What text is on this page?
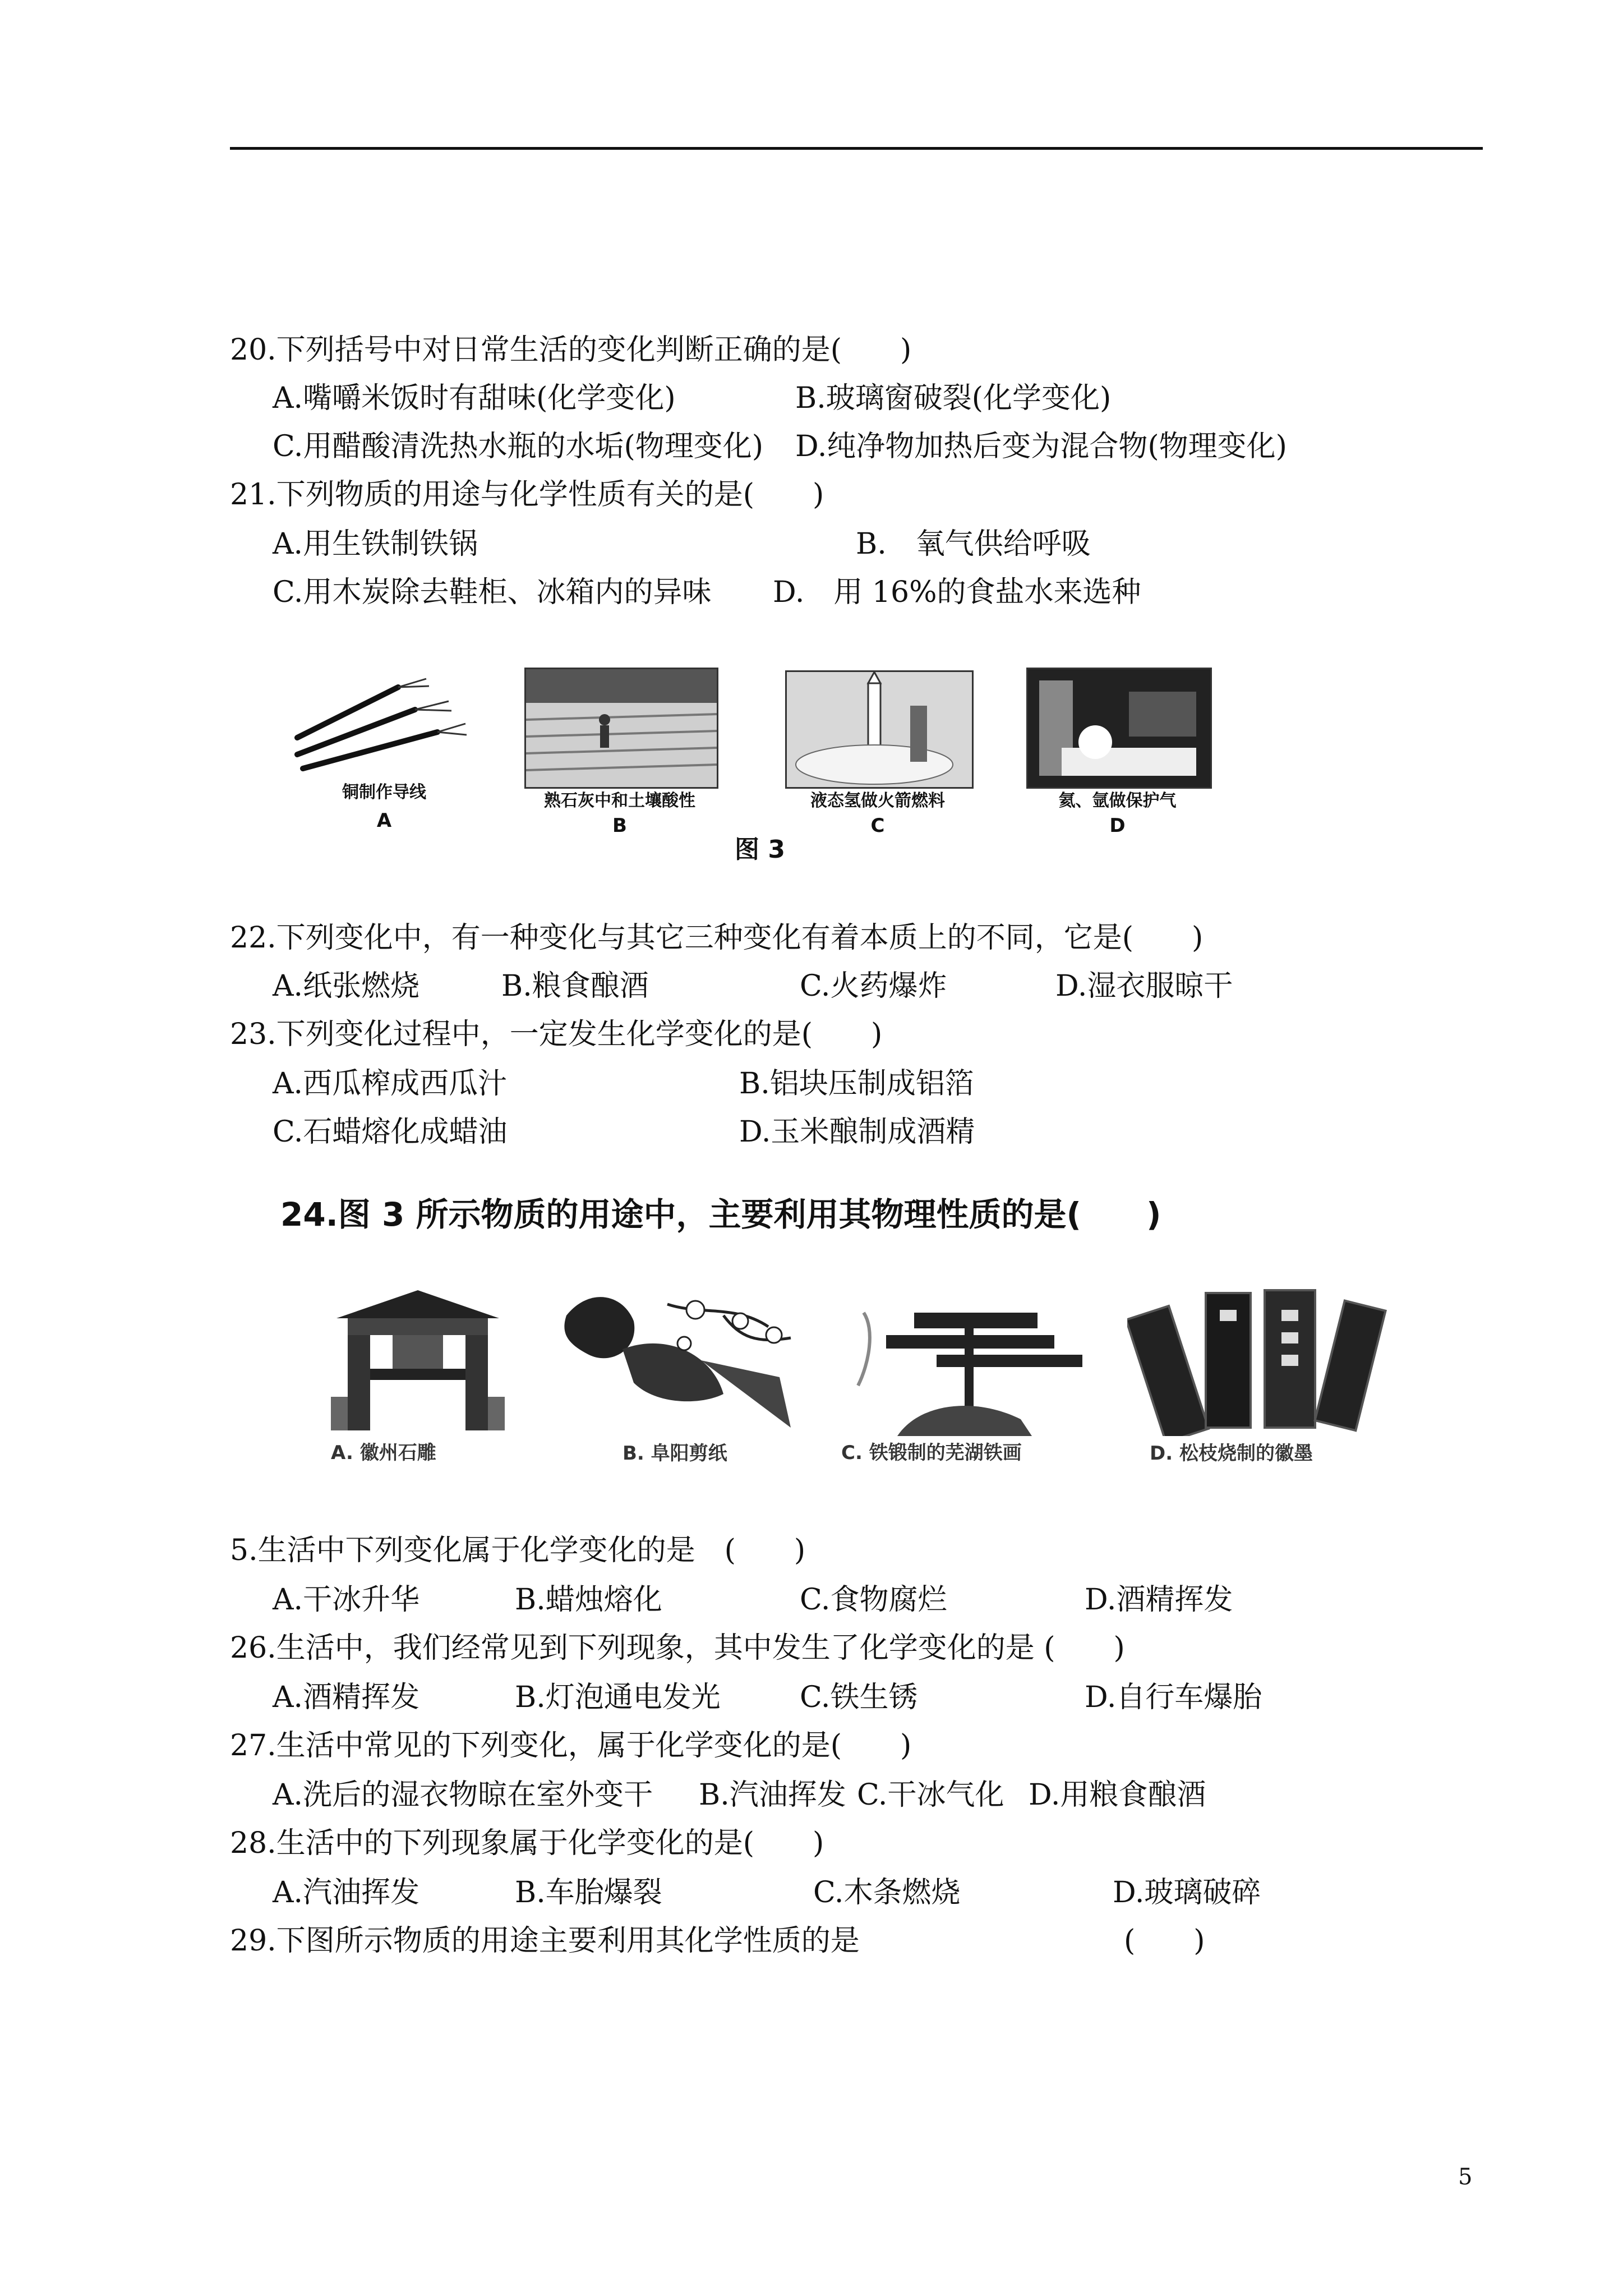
20.下列括号中对日常生活的变化判断正确的是(　　)
A.嘴嚼米饭时有甜味(化学变化)	B.玻璃窗破裂(化学变化)
C.用醋酸清洗热水瓶的水垢(物理变化) D.纯净物加热后变为混合物(物理变化)
21.下列物质的用途与化学性质有关的是(　　)
A.用生铁制铁锅	B.　氧气供给呼吸
C.用木炭除去鞋柜、冰箱内的异味 D.　用 16%的食盐水来选种
铜制作导线
A
熟石灰中和土壤酸性
B
液态氢做火箭燃料
C
氦、氩做保护气
D
图 3
22.下列变化中，有一种变化与其它三种变化有着本质上的不同，它是(　　)
A.纸张燃烧	B.粮食酿酒	C.火药爆炸	D.湿衣服晾干
23.下列变化过程中，一定发生化学变化的是(　　)
A.西瓜榨成西瓜汁	B.铝块压制成铝箔
C.石蜡熔化成蜡油	D.玉米酿制成酒精
24.图 3 所示物质的用途中，主要利用其物理性质的是(　　)
A. 徽州石雕	B. 阜阳剪纸	C. 铁锻制的芜湖铁画	D. 松枝烧制的徽墨
5.生活中下列变化属于化学变化的是　(　　)
A.干冰升华	B.蜡烛熔化	C.食物腐烂	D.酒精挥发
26.生活中，我们经常见到下列现象，其中发生了化学变化的是 (　　)
A.酒精挥发	B.灯泡通电发光	C.铁生锈	D.自行车爆胎
27.生活中常见的下列变化，属于化学变化的是(　　)
A.洗后的湿衣物晾在室外变干 B.汽油挥发 C.干冰气化 D.用粮食酿酒
28.生活中的下列现象属于化学变化的是(　　)
A.汽油挥发	B.车胎爆裂	C.木条燃烧	D.玻璃破碎
29.下图所示物质的用途主要利用其化学性质的是	(　　)
5
